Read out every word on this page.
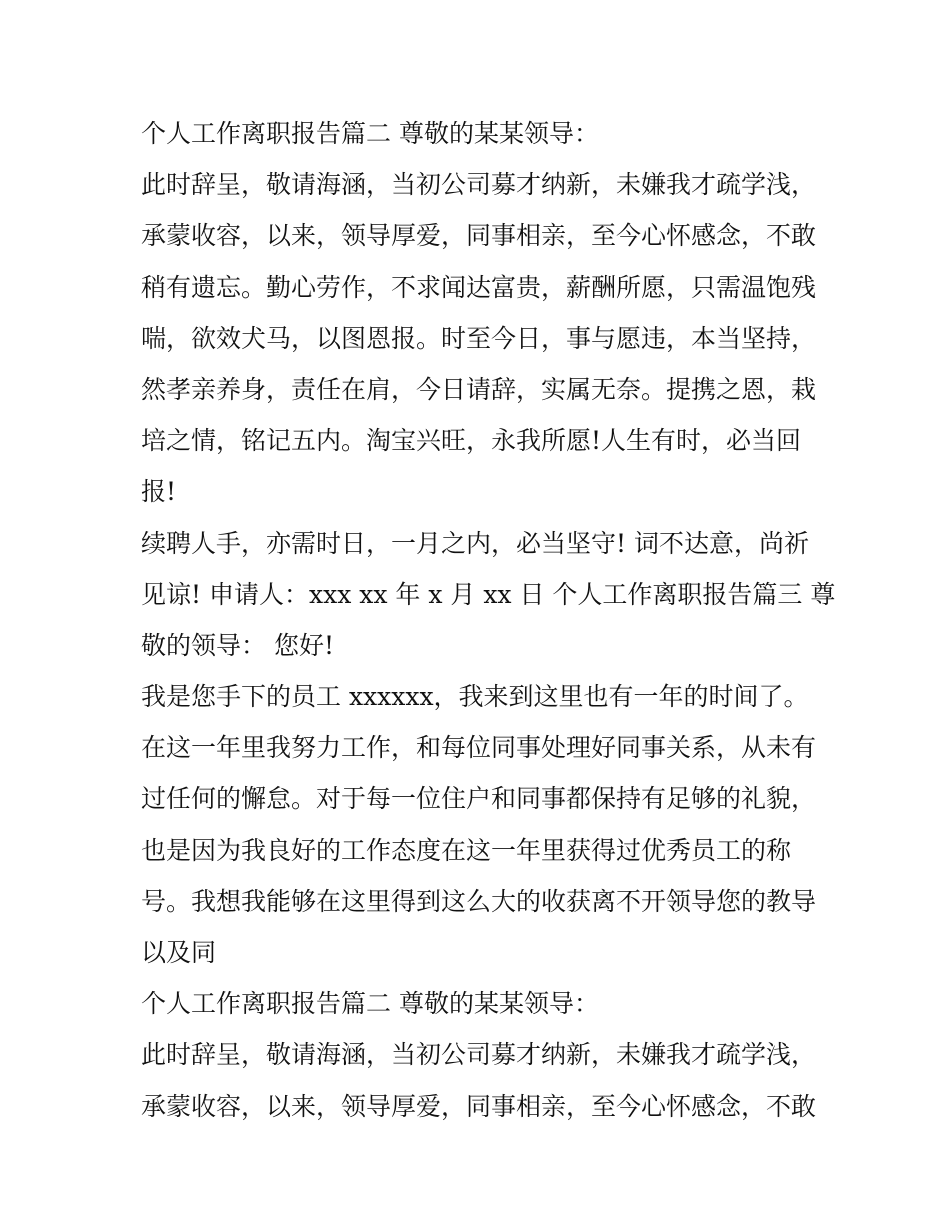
个人工作离职报告篇二 尊敬的某某领导：
此时辞呈，敬请海涵，当初公司募才纳新，未嫌我才疏学浅，
承蒙收容，以来，领导厚爱，同事相亲，至今心怀感念，不敢
稍有遗忘。勤心劳作，不求闻达富贵，薪酬所愿，只需温饱残
喘，欲效犬马，以图恩报。时至今日，事与愿违，本当坚持，
然孝亲养身，责任在肩，今日请辞，实属无奈。提携之恩，栽
培之情，铭记五内。淘宝兴旺，永我所愿!人生有时，必当回
报!
续聘人手，亦需时日，一月之内，必当坚守! 词不达意，尚祈
见谅! 申请人：xxx xx 年 x 月 xx 日 个人工作离职报告篇三 尊
敬的领导： 您好!
我是您手下的员工 xxxxxx，我来到这里也有一年的时间了。
在这一年里我努力工作，和每位同事处理好同事关系，从未有
过任何的懈怠。对于每一位住户和同事都保持有足够的礼貌，
也是因为我良好的工作态度在这一年里获得过优秀员工的称
号。我想我能够在这里得到这么大的收获离不开领导您的教导
以及同
个人工作离职报告篇二 尊敬的某某领导：
此时辞呈，敬请海涵，当初公司募才纳新，未嫌我才疏学浅，
承蒙收容，以来，领导厚爱，同事相亲，至今心怀感念，不敢
